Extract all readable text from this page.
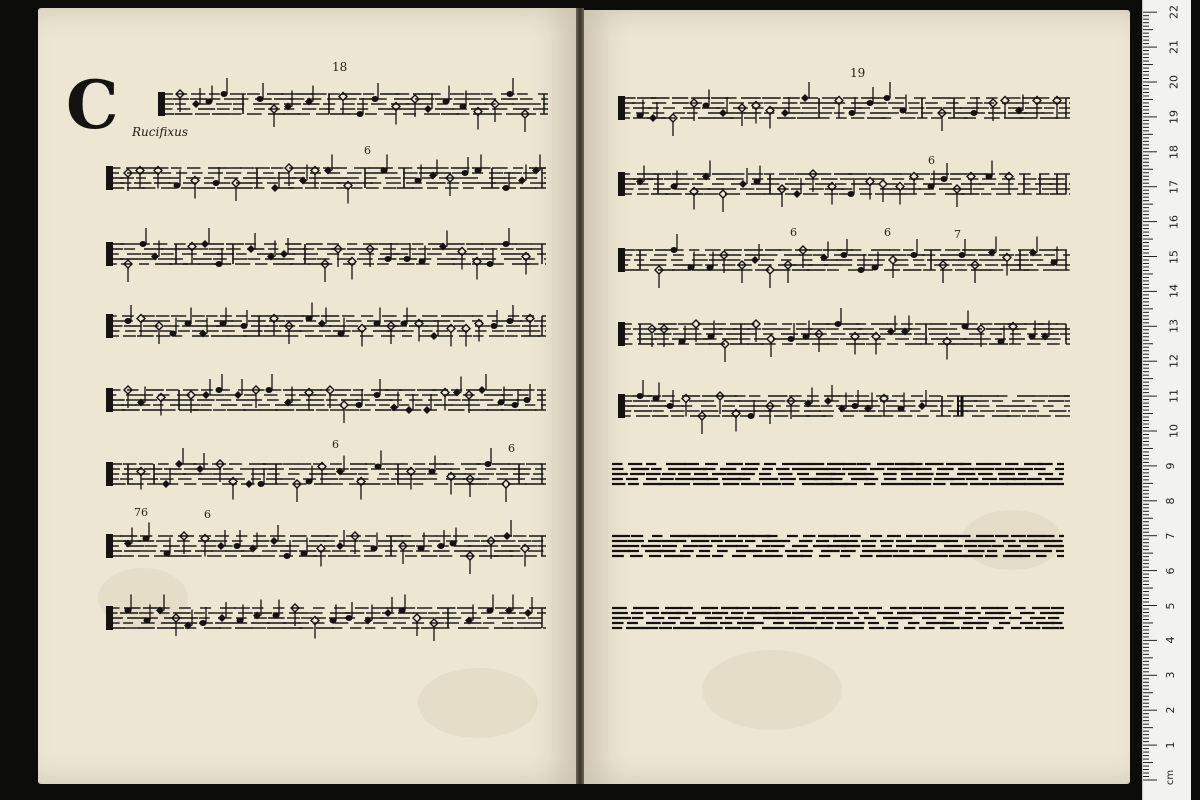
18	19
C Rucifixus
6
6	6
76	6
6
6	6	7
cm
1
2
3
4
5
6
7
8
9
10
11
12
13
14
15
16
17
18
19
20
21
22
